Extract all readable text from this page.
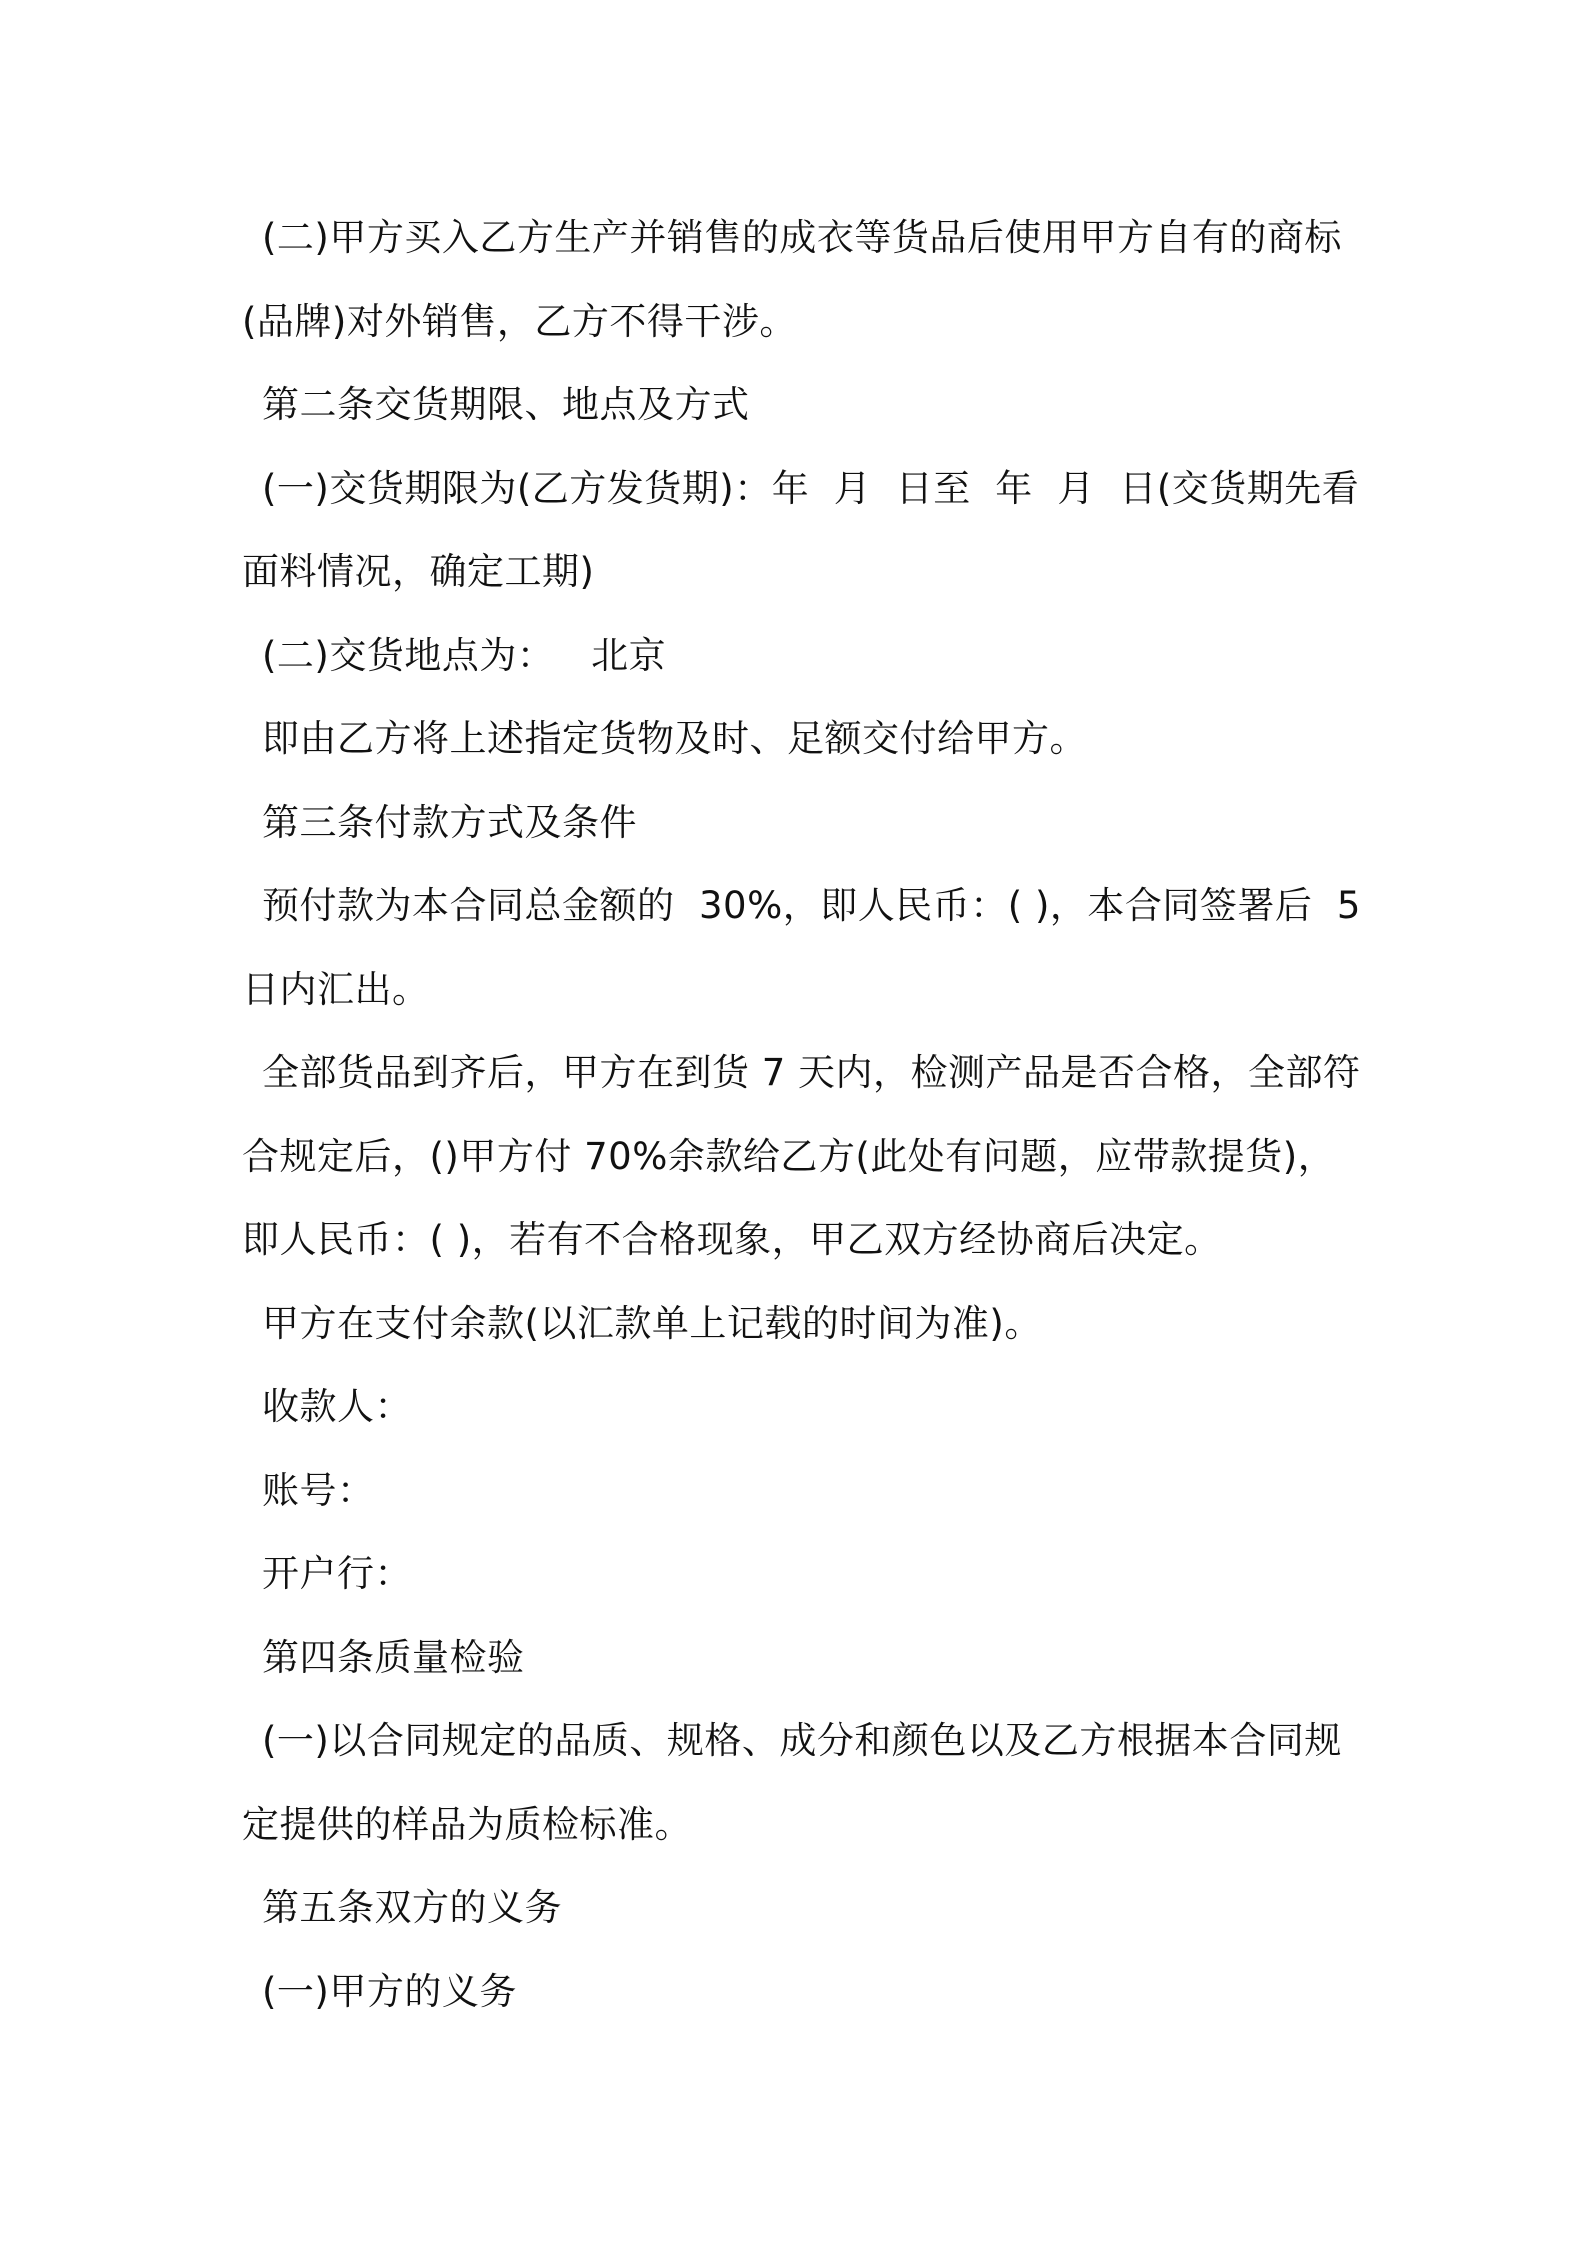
(二)甲方买入乙方生产并销售的成衣等货品后使用甲方自有的商标(品牌)对外销售，乙方不得干涉。

第二条交货期限、地点及方式

(一)交货期限为(乙方发货期)：年  月  日至  年  月  日(交货期先看面料情况，确定工期)

(二)交货地点为：   北京

即由乙方将上述指定货物及时、足额交付给甲方。

第三条付款方式及条件

预付款为本合同总金额的  30%，即人民币：( )，本合同签署后  5  日内汇出。

全部货品到齐后，甲方在到货 7 天内，检测产品是否合格，全部符合规定后，()甲方付 70%余款给乙方(此处有问题，应带款提货)，即人民币：( )，若有不合格现象，甲乙双方经协商后决定。

甲方在支付余款(以汇款单上记载的时间为准)。

收款人：

账号：

开户行：

第四条质量检验

(一)以合同规定的品质、规格、成分和颜色以及乙方根据本合同规定提供的样品为质检标准。

第五条双方的义务

(一)甲方的义务
